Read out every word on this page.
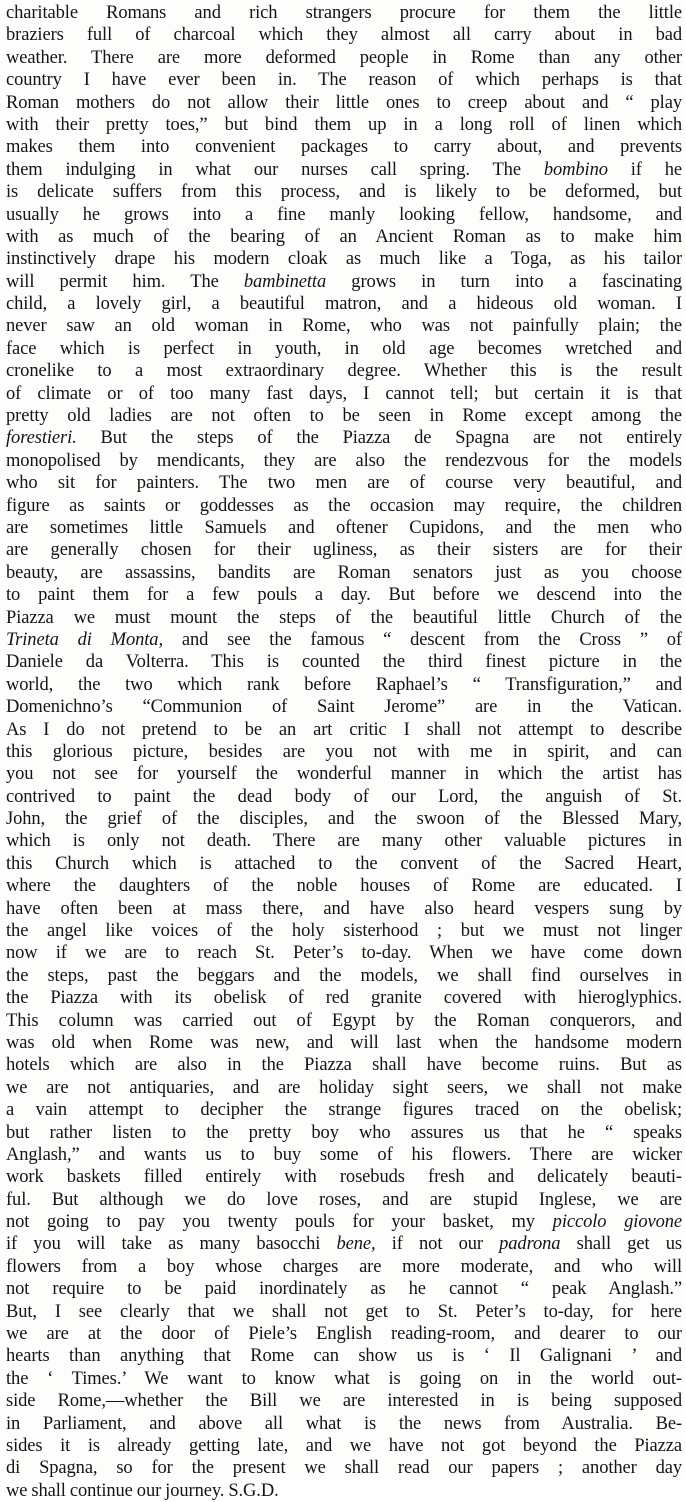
charitable Romans and rich strangers procure for them the little
braziers full of charcoal which they almost all carry about in bad
weather. There are more deformed people in Rome than any other
country I have ever been in. The reason of which perhaps is that
Roman mothers do not allow their little ones to creep about and “ play
with their pretty toes,” but bind them up in a long roll of linen which
makes them into convenient packages to carry about, and prevents
them indulging in what our nurses call spring. The bombino if he
is delicate suffers from this process, and is likely to be deformed, but
usually he grows into a fine manly looking fellow, handsome, and
with as much of the bearing of an Ancient Roman as to make him
instinctively drape his modern cloak as much like a Toga, as his tailor
will permit him. The bambinetta grows in turn into a fascinating
child, a lovely girl, a beautiful matron, and a hideous old woman. I
never saw an old woman in Rome, who was not painfully plain; the
face which is perfect in youth, in old age becomes wretched and
cronelike to a most extraordinary degree. Whether this is the result
of climate or of too many fast days, I cannot tell; but certain it is that
pretty old ladies are not often to be seen in Rome except among the
forestieri. But the steps of the Piazza de Spagna are not entirely
monopolised by mendicants, they are also the rendezvous for the models
who sit for painters. The two men are of course very beautiful, and
figure as saints or goddesses as the occasion may require, the children
are sometimes little Samuels and oftener Cupidons, and the men who
are generally chosen for their ugliness, as their sisters are for their
beauty, are assassins, bandits are Roman senators just as you choose
to paint them for a few pouls a day. But before we descend into the
Piazza we must mount the steps of the beautiful little Church of the
Trineta di Monta, and see the famous “ descent from the Cross ” of
Daniele da Volterra. This is counted the third finest picture in the
world, the two which rank before Raphael’s “ Transfiguration,” and
Domenichno’s “Communion of Saint Jerome” are in the Vatican.
As I do not pretend to be an art critic I shall not attempt to describe
this glorious picture, besides are you not with me in spirit, and can
you not see for yourself the wonderful manner in which the artist has
contrived to paint the dead body of our Lord, the anguish of St.
John, the grief of the disciples, and the swoon of the Blessed Mary,
which is only not death. There are many other valuable pictures in
this Church which is attached to the convent of the Sacred Heart,
where the daughters of the noble houses of Rome are educated. I
have often been at mass there, and have also heard vespers sung by
the angel like voices of the holy sisterhood ; but we must not linger
now if we are to reach St. Peter’s to-day. When we have come down
the steps, past the beggars and the models, we shall find ourselves in
the Piazza with its obelisk of red granite covered with hieroglyphics.
This column was carried out of Egypt by the Roman conquerors, and
was old when Rome was new, and will last when the handsome modern
hotels which are also in the Piazza shall have become ruins. But as
we are not antiquaries, and are holiday sight seers, we shall not make
a vain attempt to decipher the strange figures traced on the obelisk;
but rather listen to the pretty boy who assures us that he “ speaks
Anglash,” and wants us to buy some of his flowers. There are wicker
work baskets filled entirely with rosebuds fresh and delicately beauti-
ful. But although we do love roses, and are stupid Inglese, we are
not going to pay you twenty pouls for your basket, my piccolo giovone
if you will take as many basocchi bene, if not our padrona shall get us
flowers from a boy whose charges are more moderate, and who will
not require to be paid inordinately as he cannot “ peak Anglash.”
But, I see clearly that we shall not get to St. Peter’s to-day, for here
we are at the door of Piele’s English reading-room, and dearer to our
hearts than anything that Rome can show us is ‘ Il Galignani ’ and
the ‘ Times.’ We want to know what is going on in the world out-
side Rome,—whether the Bill we are interested in is being supposed
in Parliament, and above all what is the news from Australia. Be-
sides it is already getting late, and we have not got beyond the Piazza
di Spagna, so for the present we shall read our papers ; another day
we shall continue our journey. S.G.D.
